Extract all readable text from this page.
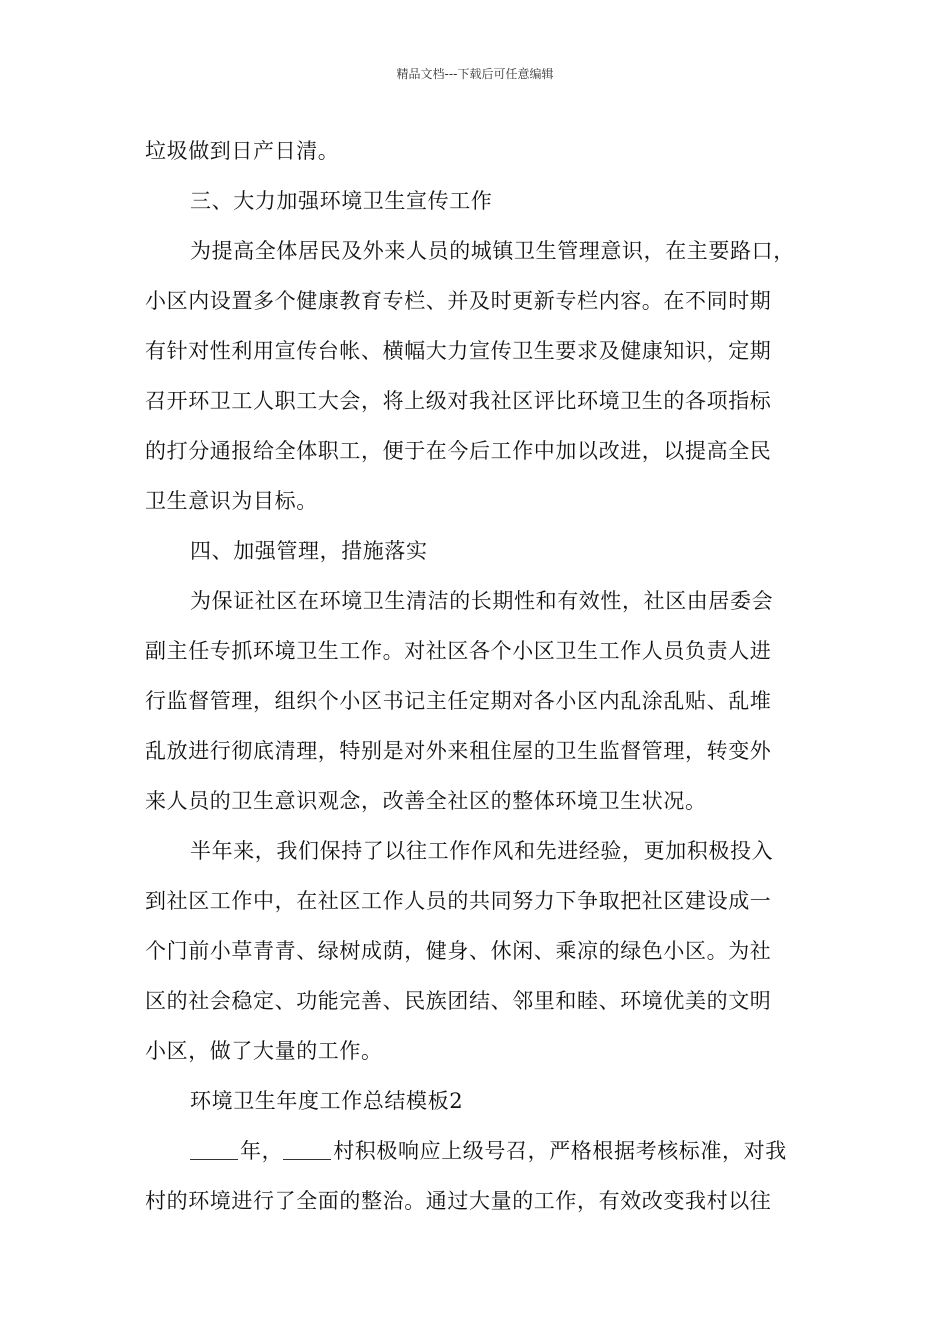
精品文档---下载后可任意编辑
垃圾做到日产日清。
三、大力加强环境卫生宣传工作
为提高全体居民及外来人员的城镇卫生管理意识，在主要路口，
小区内设置多个健康教育专栏、并及时更新专栏内容。在不同时期
有针对性利用宣传台帐、横幅大力宣传卫生要求及健康知识，定期
召开环卫工人职工大会，将上级对我社区评比环境卫生的各项指标
的打分通报给全体职工，便于在今后工作中加以改进，以提高全民
卫生意识为目标。
四、加强管理，措施落实
为保证社区在环境卫生清洁的长期性和有效性，社区由居委会
副主任专抓环境卫生工作。对社区各个小区卫生工作人员负责人进
行监督管理，组织个小区书记主任定期对各小区内乱涂乱贴、乱堆
乱放进行彻底清理，特别是对外来租住屋的卫生监督管理，转变外
来人员的卫生意识观念，改善全社区的整体环境卫生状况。
半年来，我们保持了以往工作作风和先进经验，更加积极投入
到社区工作中，在社区工作人员的共同努力下争取把社区建设成一
个门前小草青青、绿树成荫，健身、休闲、乘凉的绿色小区。为社
区的社会稳定、功能完善、民族团结、邻里和睦、环境优美的文明
小区，做了大量的工作。
环境卫生年度工作总结模板2
年， 村积极响应上级号召，严格根据考核标准，对我
村的环境进行了全面的整治。通过大量的工作，有效改变我村以往
